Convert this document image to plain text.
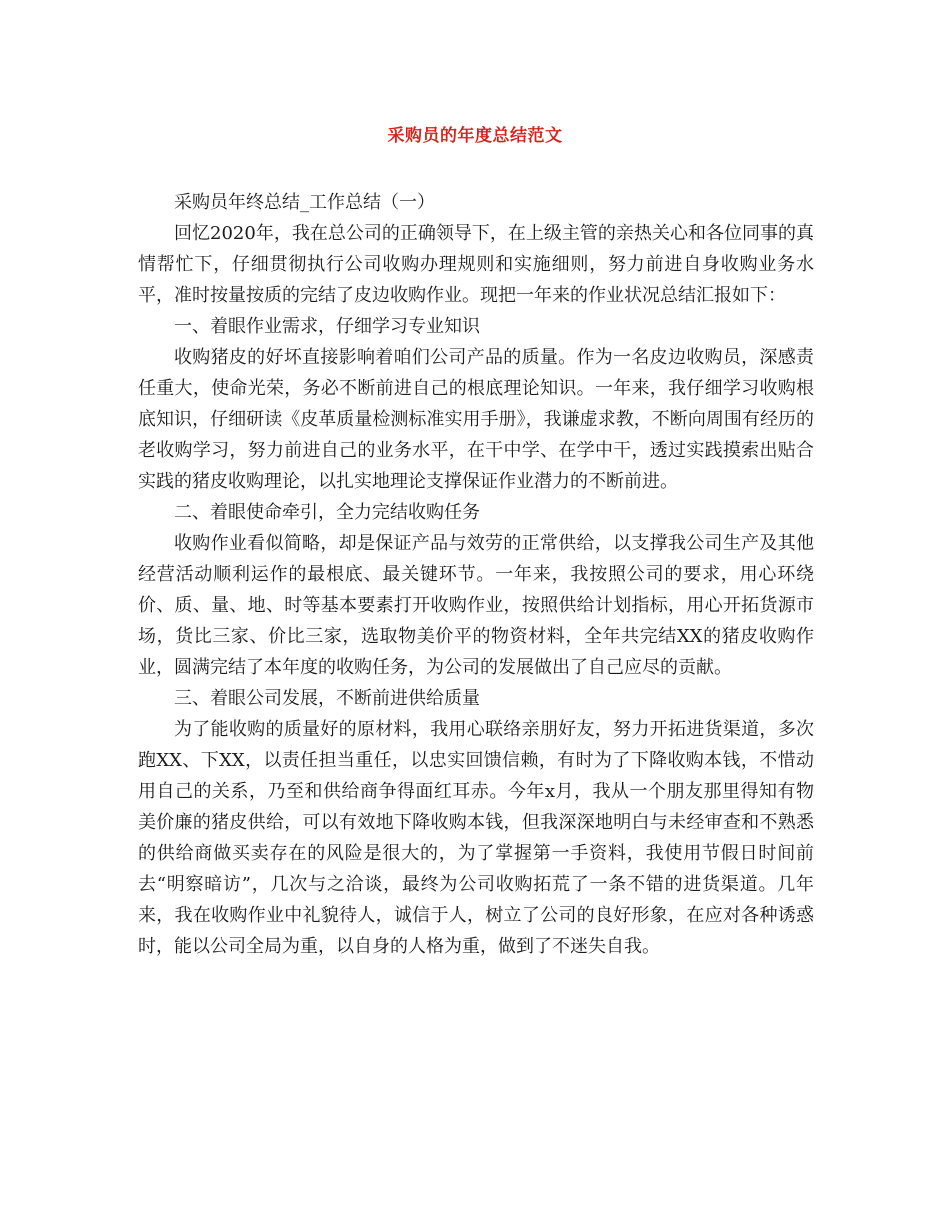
采购员的年度总结范文

采购员年终总结_工作总结（一）

回忆2020年，我在总公司的正确领导下，在上级主管的亲热关心和各位同事的真情帮忙下，仔细贯彻执行公司收购办理规则和实施细则，努力前进自身收购业务水平，准时按量按质的完结了皮边收购作业。现把一年来的作业状况总结汇报如下：

一、着眼作业需求，仔细学习专业知识

收购猪皮的好坏直接影响着咱们公司产品的质量。作为一名皮边收购员，深感责任重大，使命光荣，务必不断前进自己的根底理论知识。一年来，我仔细学习收购根底知识，仔细研读《皮革质量检测标准实用手册》，我谦虚求教，不断向周围有经历的老收购学习，努力前进自己的业务水平，在干中学、在学中干，透过实践摸索出贴合实践的猪皮收购理论，以扎实地理论支撑保证作业潜力的不断前进。

二、着眼使命牵引，全力完结收购任务

收购作业看似简略，却是保证产品与效劳的正常供给，以支撑我公司生产及其他经营活动顺利运作的最根底、最关键环节。一年来，我按照公司的要求，用心环绕价、质、量、地、时等基本要素打开收购作业，按照供给计划指标，用心开拓货源市场，货比三家、价比三家，选取物美价平的物资材料，全年共完结XX的猪皮收购作业，圆满完结了本年度的收购任务，为公司的发展做出了自己应尽的贡献。

三、着眼公司发展，不断前进供给质量

为了能收购的质量好的原材料，我用心联络亲朋好友，努力开拓进货渠道，多次跑XX、下XX，以责任担当重任，以忠实回馈信赖，有时为了下降收购本钱，不惜动用自己的关系，乃至和供给商争得面红耳赤。今年x月，我从一个朋友那里得知有物美价廉的猪皮供给，可以有效地下降收购本钱，但我深深地明白与未经审查和不熟悉的供给商做买卖存在的风险是很大的，为了掌握第一手资料，我使用节假日时间前去“明察暗访”，几次与之洽谈，最终为公司收购拓荒了一条不错的进货渠道。几年来，我在收购作业中礼貌待人，诚信于人，树立了公司的良好形象，在应对各种诱惑时，能以公司全局为重，以自身的人格为重，做到了不迷失自我。
